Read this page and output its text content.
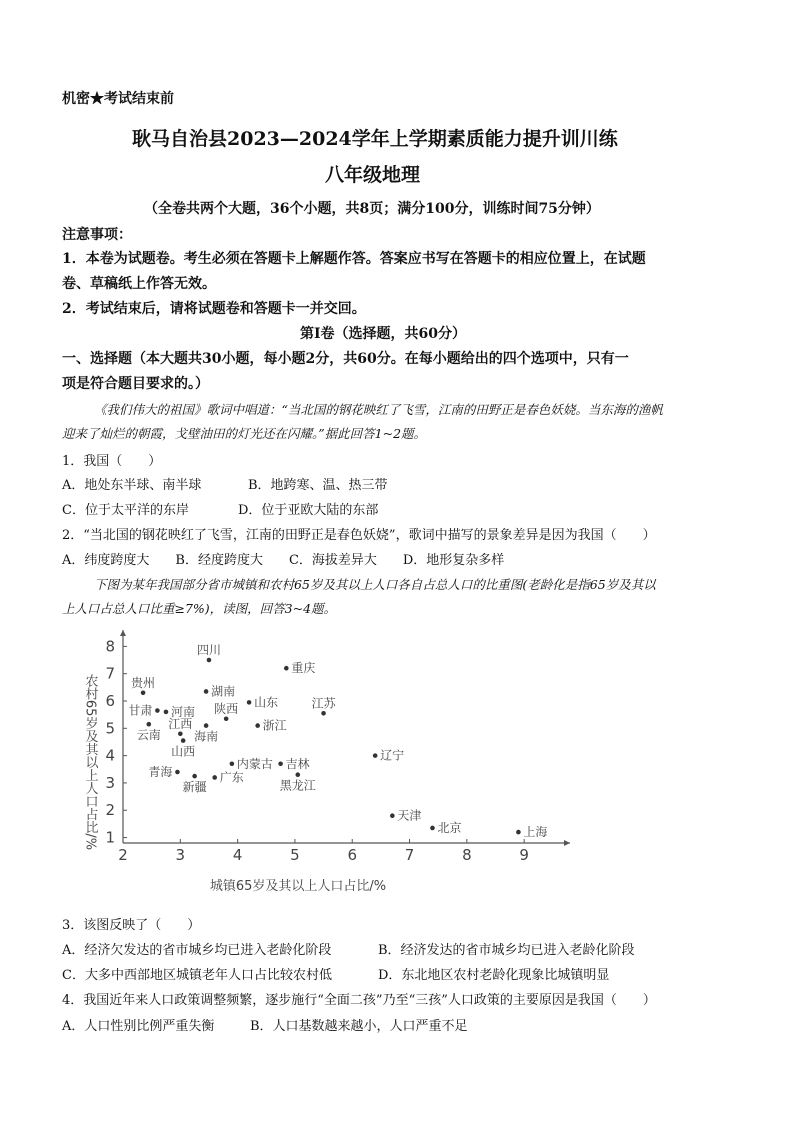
机密★考试结束前
耿马自治县2023—2024学年上学期素质能力提升训川练
八年级地理
（全卷共两个大题，36个小题，共8页；满分100分，训练时间75分钟）
注意事项：
1．本卷为试题卷。考生必须在答题卡上解题作答。答案应书写在答题卡的相应位置上，在试题
卷、草稿纸上作答无效。
2．考试结束后，请将试题卷和答题卡一并交回。
第Ⅰ卷（选择题，共60分）
一、选择题（本大题共30小题，每小题2分，共60分。在每小题给出的四个选项中，只有一
项是符合题目要求的。）
《我们伟大的祖国》歌词中唱道：“当北国的钢花映红了飞雪，江南的田野正是春色妖娆。当东海的渔帆
迎来了灿烂的朝霞，戈壁油田的灯光还在闪耀。”据此回答1~2题。
1．我国（　　）
A．地处东半球、南半球	B．地跨寒、温、热三带
C．位于太平洋的东岸	D．位于亚欧大陆的东部
2．“当北国的钢花映红了飞雪，江南的田野正是春色妖娆”，歌词中描写的景象差异是因为我国（　　）
A．纬度跨度大　　B．经度跨度大　　C．海拔差异大　　D．地形复杂多样
下图为某年我国部分省市城镇和农村65岁及其以上人口各自占总人口的比重图(老龄化是指65岁及其以
上人口占总人口比重≥7%)，读图，回答3~4题。
2	3	4	5	6	7	8	9
1
2
3
4
5
6
7
8	四川
重庆
贵州
湖南
山东	江苏
甘肃 河南 陕西
浙江
云南
江西
海南
山西	辽宁
内蒙古 吉林
青海
新疆
广东
黑龙江
天津
北京	上海
城镇65岁及其以上人口占比/%
农村65岁及其以上人口占比/%
3．该图反映了（　　）
A．经济欠发达的省市城乡均已进入老龄化阶段	B．经济发达的省市城乡均已进入老龄化阶段
C．大多中西部地区城镇老年人口占比较农村低	D．东北地区农村老龄化现象比城镇明显
4．我国近年来人口政策调整频繁，逐步施行“全面二孩”乃至“三孩”人口政策的主要原因是我国（　　）
A．人口性别比例严重失衡	B．人口基数越来越小，人口严重不足
